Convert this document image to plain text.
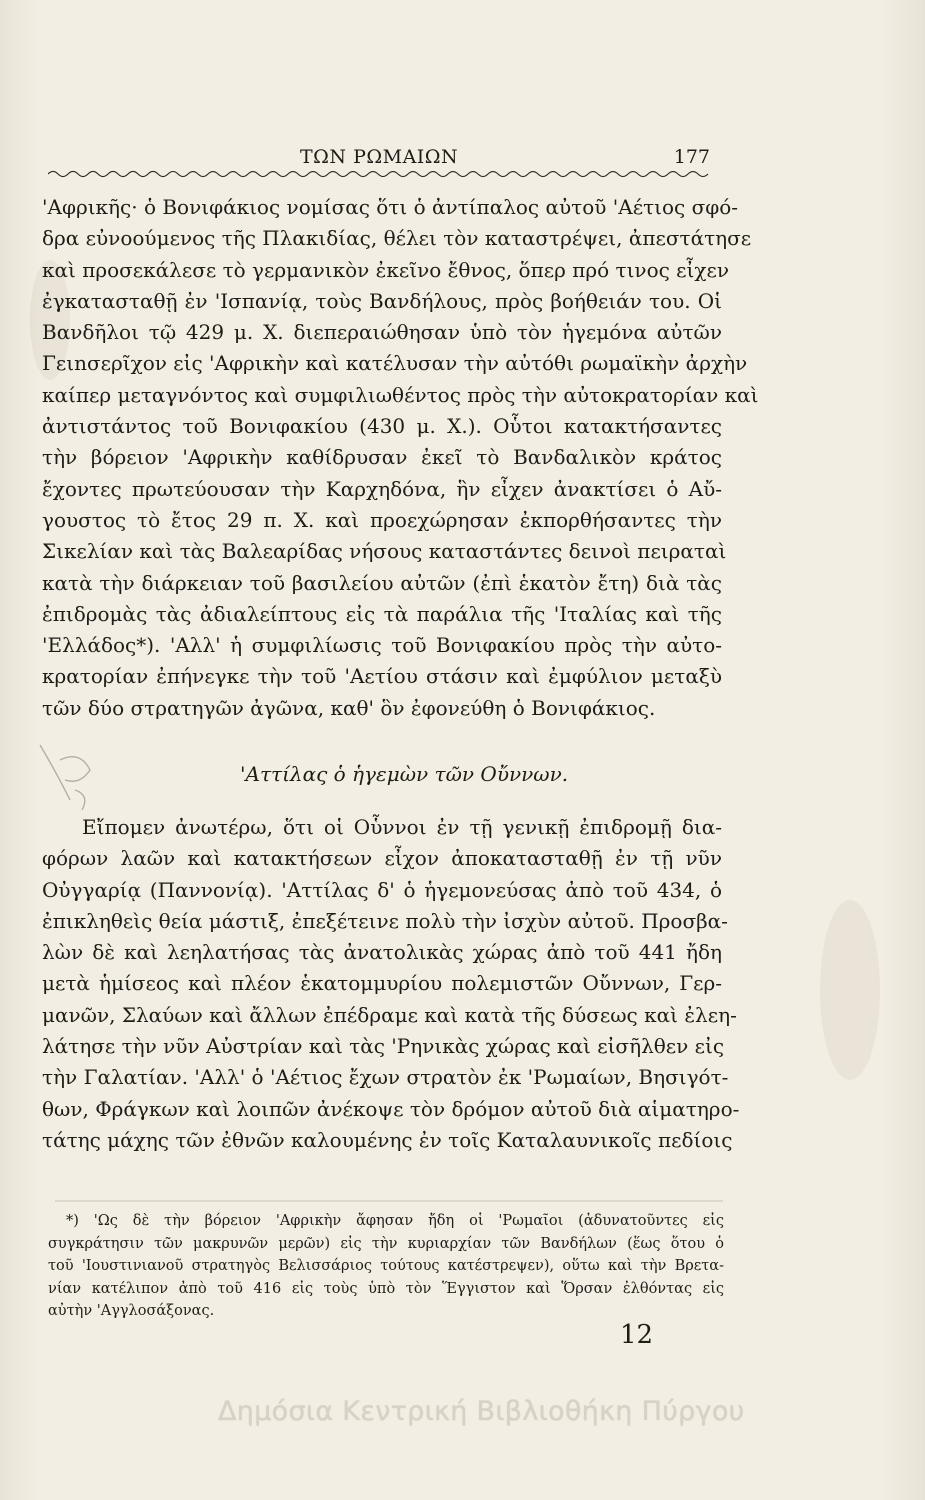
ΤΩΝ ΡΩΜΑΙΩΝ	177
'Αφρικῆς· ὁ Βονιφάκιος νομίσας ὅτι ὁ ἀντίπαλος αὐτοῦ 'Αέτιος σφό-
δρα εὐνοούμενος τῆς Πλακιδίας, θέλει τὸν καταστρέψει, ἀπεστάτησε
καὶ προσεκάλεσε τὸ γερμανικὸν ἐκεῖνο ἔθνος, ὅπερ πρό τινος εἶχεν
ἐγκατασταθῇ ἐν 'Ισπανίᾳ, τοὺς Βανδήλους, πρὸς βοήθειάν του. Οἱ
Βανδῆλοι τῷ 429 μ. Χ. διεπεραιώθησαν ὑπὸ τὸν ἡγεμόνα αὐτῶν
Γειnσερῖχον εἰς 'Αφρικὴν καὶ κατέλυσαν τὴν αὐτόθι ρωμαϊκὴν ἀρχὴν
καίπερ μεταγνόντος καὶ συμφιλιωθέντος πρὸς τὴν αὐτοκρατορίαν καὶ
ἀντιστάντος τοῦ Βονιφακίου (430 μ. Χ.). Οὗτοι κατακτήσαντες
τὴν βόρειον 'Αφρικὴν καθίδρυσαν ἐκεῖ τὸ Βανδαλικὸν κράτος
ἔχοντες πρωτεύουσαν τὴν Καρχηδόνα, ἣν εἶχεν ἀνακτίσει ὁ Αὔ-
γουστος τὸ ἔτος 29 π. Χ. καὶ προεχώρησαν ἐκπορθήσαντες τὴν
Σικελίαν καὶ τὰς Βαλεαρίδας νήσους καταστάντες δεινοὶ πειραταὶ
κατὰ τὴν διάρκειαν τοῦ βασιλείου αὐτῶν (ἐπὶ ἑκατὸν ἔτη) διὰ τὰς
ἐπιδρομὰς τὰς ἀδιαλείπτους εἰς τὰ παράλια τῆς 'Ιταλίας καὶ τῆς
'Ελλάδος*). 'Αλλ' ἡ συμφιλίωσις τοῦ Βονιφακίου πρὸς τὴν αὐτο-
κρατορίαν ἐπήνεγκε τὴν τοῦ 'Αετίου στάσιν καὶ ἐμφύλιον μεταξὺ
τῶν δύο στρατηγῶν ἀγῶνα, καθ' ὃν ἐφονεύθη ὁ Βονιφάκιος.
'Αττίλας ὁ ἡγεμὼν τῶν Οὔννων.
Εἴπομεν ἀνωτέρω, ὅτι οἱ Οὗννοι ἐν τῇ γενικῇ ἐπιδρομῇ δια-
φόρων λαῶν καὶ κατακτήσεων εἶχον ἀποκατασταθῇ ἐν τῇ νῦν
Οὐγγαρίᾳ (Παννονίᾳ). 'Αττίλας δ' ὁ ἡγεμονεύσας ἀπὸ τοῦ 434, ὁ
ἐπικληθεὶς θεία μάστιξ, ἐπεξέτεινε πολὺ τὴν ἰσχὺν αὐτοῦ. Προσβα-
λὼν δὲ καὶ λεηλατήσας τὰς ἀνατολικὰς χώρας ἀπὸ τοῦ 441 ἤδη
μετὰ ἡμίσεος καὶ πλέον ἑκατομμυρίου πολεμιστῶν Οὔννων, Γερ-
μανῶν, Σλαύων καὶ ἄλλων ἐπέδραμε καὶ κατὰ τῆς δύσεως καὶ ἐλεη-
λάτησε τὴν νῦν Αὐστρίαν καὶ τὰς 'Ρηνικὰς χώρας καὶ εἰσῆλθεν εἰς
τὴν Γαλατίαν. 'Αλλ' ὁ 'Αέτιος ἔχων στρατὸν ἐκ 'Ρωμαίων, Βησιγότ-
θων, Φράγκων καὶ λοιπῶν ἀνέκοψε τὸν δρόμον αὐτοῦ διὰ αἱματηρο-
τάτης μάχης τῶν ἐθνῶν καλουμένης ἐν τοῖς Καταλαυνικοῖς πεδίοις
*) 'Ως δὲ τὴν βόρειον 'Αφρικὴν ἄφησαν ἤδη οἱ 'Ρωμαῖοι (ἀδυνατοῦντες εἰς
συγκράτησιν τῶν μακρυνῶν μερῶν) εἰς τὴν κυριαρχίαν τῶν Βανδήλων (ἕως ὅτου ὁ
τοῦ 'Ιουστινιανοῦ στρατηγὸς Βελισσάριος τούτους κατέστρεψεν), οὕτω καὶ τὴν Βρετα-
νίαν κατέλιπον ἀπὸ τοῦ 416 εἰς τοὺς ὑπὸ τὸν Ἕγγιστον καὶ Ὅρσαν ἐλθόντας εἰς
αὐτὴν 'Αγγλοσάξονας.
12
Δημόσια Κεντρική Βιβλιοθήκη Πύργου
